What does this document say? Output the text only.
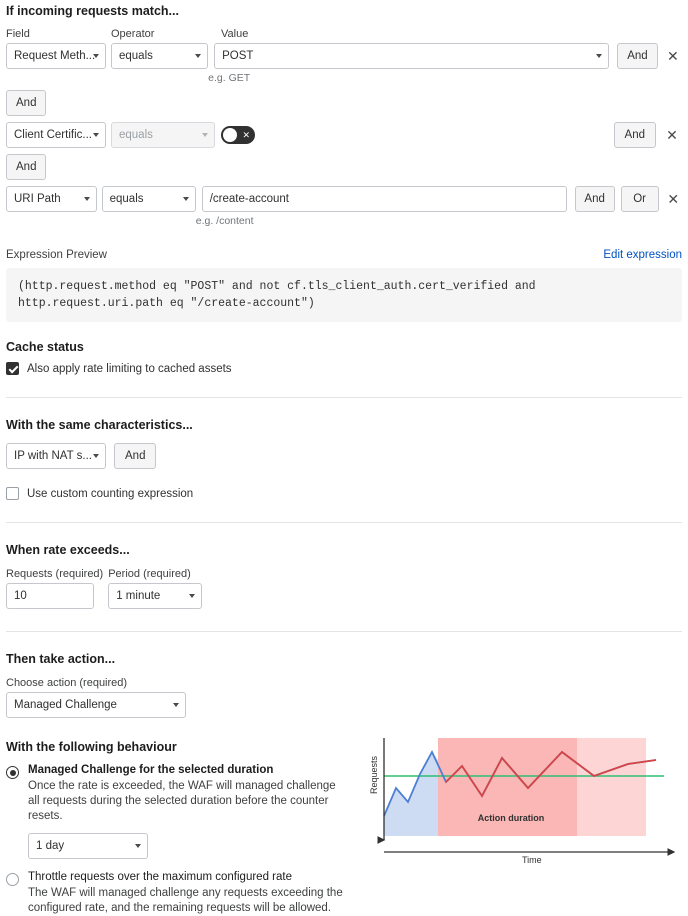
If incoming requests match...
Field	Operator	Value
Request Meth... equals	POST
e.g. GET
And	✕
And
Client Certific... equals	✕	And	✕
And
URI Path	equals	/create-account
e.g. /content
And	Or	✕
Expression Preview	Edit expression
(http.request.method eq "POST" and not cf.tls_client_auth.cert_verified and http.request.uri.path eq "/create-account")
Cache status
Also apply rate limiting to cached assets
With the same characteristics...
IP with NAT s...	And
Use custom counting expression
When rate exceeds...
Requests (required)
10
Period (required)
1 minute
Then take action...
Choose action (required)
Managed Challenge
With the following behaviour
Managed Challenge for the selected duration
Once the rate is exceeded, the WAF will managed challenge all requests during the selected duration before the counter resets.
1 day
Throttle requests over the maximum configured rate
The WAF will managed challenge any requests exceeding the configured rate, and the remaining requests will be allowed.
Requests
Time
Action duration
